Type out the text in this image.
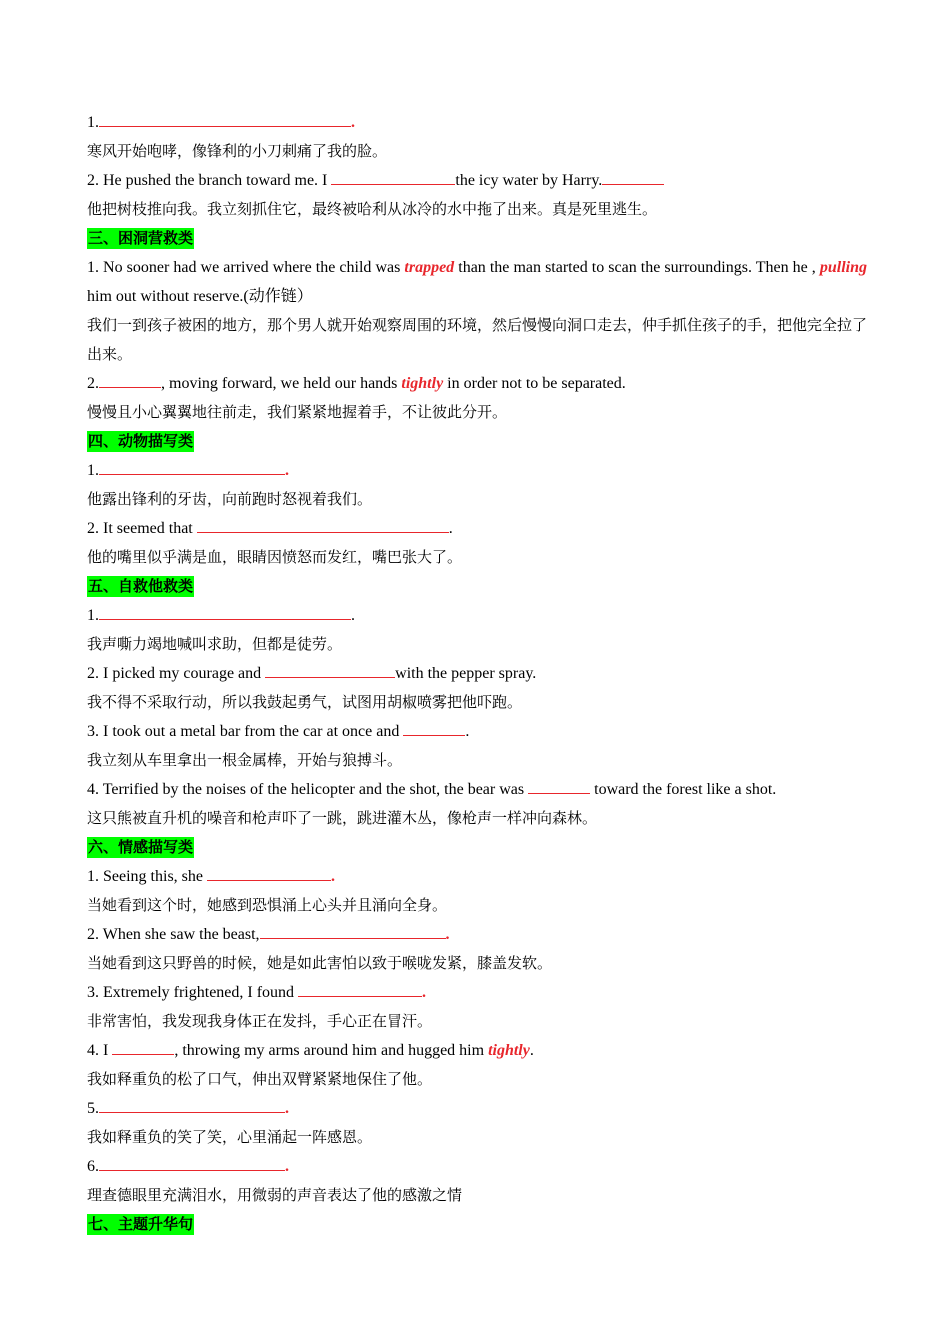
1.	.
寒风开始咆哮，像锋利的小刀刺痛了我的脸。
2. He pushed the branch toward me. I	the icy water by Harry.
他把树枝推向我。我立刻抓住它，最终被哈利从冰冷的水中拖了出来。真是死里逃生。
三、困洞营救类
1. No sooner had we arrived where the child was trapped than the man started to scan the surroundings. Then he , pulling him out without reserve.(动作链）
我们一到孩子被困的地方，那个男人就开始观察周围的环境，然后慢慢向洞口走去，仲手抓住孩子的手，把他完全拉了出来。
2.	, moving forward, we held our hands tightly in order not to be separated.
慢慢且小心翼翼地往前走，我们紧紧地握着手，不让彼此分开。
四、动物描写类
1.	.
他露出锋利的牙齿，向前跑时怒视着我们。
2. It seemed that	.
他的嘴里似乎满是血，眼睛因愤怒而发红，嘴巴张大了。
五、自救他救类
1.	.
我声嘶力竭地喊叫求助，但都是徒劳。
2. I picked my courage and	with the pepper spray.
我不得不采取行动，所以我鼓起勇气，试图用胡椒喷雾把他吓跑。
3. I took out a metal bar from the car at once and	.
我立刻从车里拿出一根金属棒，开始与狼搏斗。
4. Terrified by the noises of the helicopter and the shot, the bear was	toward the forest like a shot.
这只熊被直升机的噪音和枪声吓了一跳，跳进灌木丛，像枪声一样冲向森林。
六、情感描写类
1. Seeing this, she	.
当她看到这个时，她感到恐惧涌上心头并且涌向全身。
2. When she saw the beast,	.
当她看到这只野兽的时候，她是如此害怕以致于喉咙发紧，膝盖发软。
3. Extremely frightened, I found	.
非常害怕，我发现我身体正在发抖，手心正在冒汗。
4. I	, throwing my arms around him and hugged him tightly.
我如释重负的松了口气，伸出双臂紧紧地保住了他。
5.	.
我如释重负的笑了笑，心里涌起一阵感恩。
6.	.
理查德眼里充满泪水，用微弱的声音表达了他的感激之情
七、主题升华句
